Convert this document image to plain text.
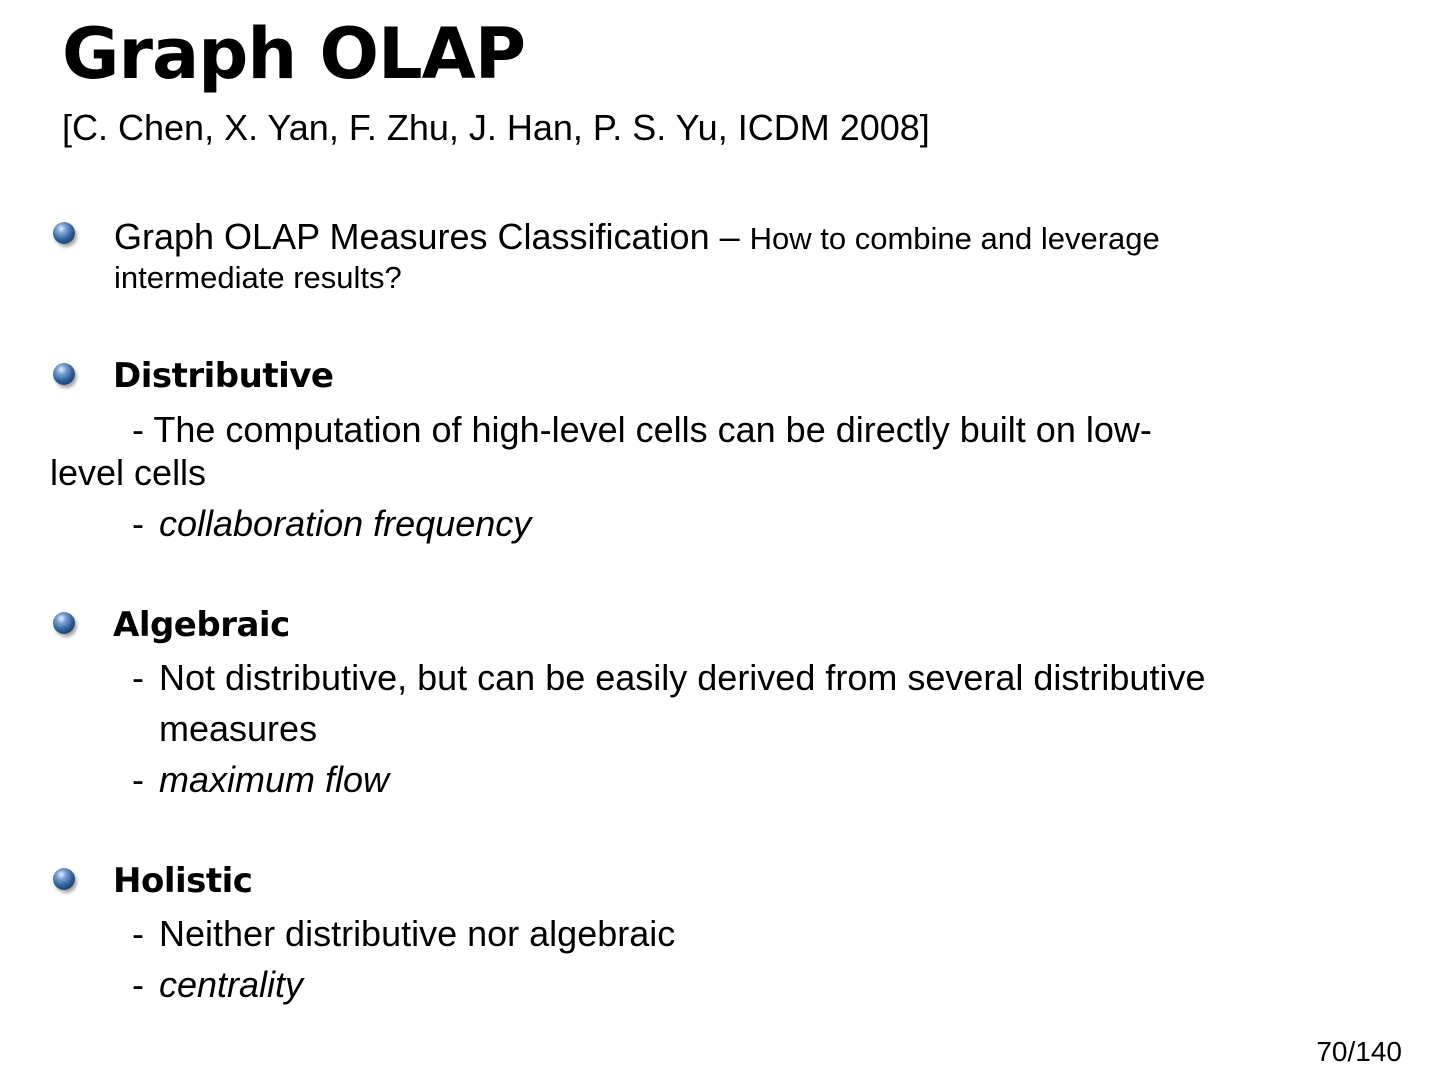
Graph OLAP
[C. Chen, X. Yan, F. Zhu, J. Han, P. S. Yu, ICDM 2008]
Graph OLAP Measures Classification – How to combine and leverage
intermediate results?
Distributive
- The computation of high-level cells can be directly built on low-
level cells
- collaboration frequency
Algebraic
- Not distributive, but can be easily derived from several distributive
measures
- maximum flow
Holistic
- Neither distributive nor algebraic
- centrality
70/140
